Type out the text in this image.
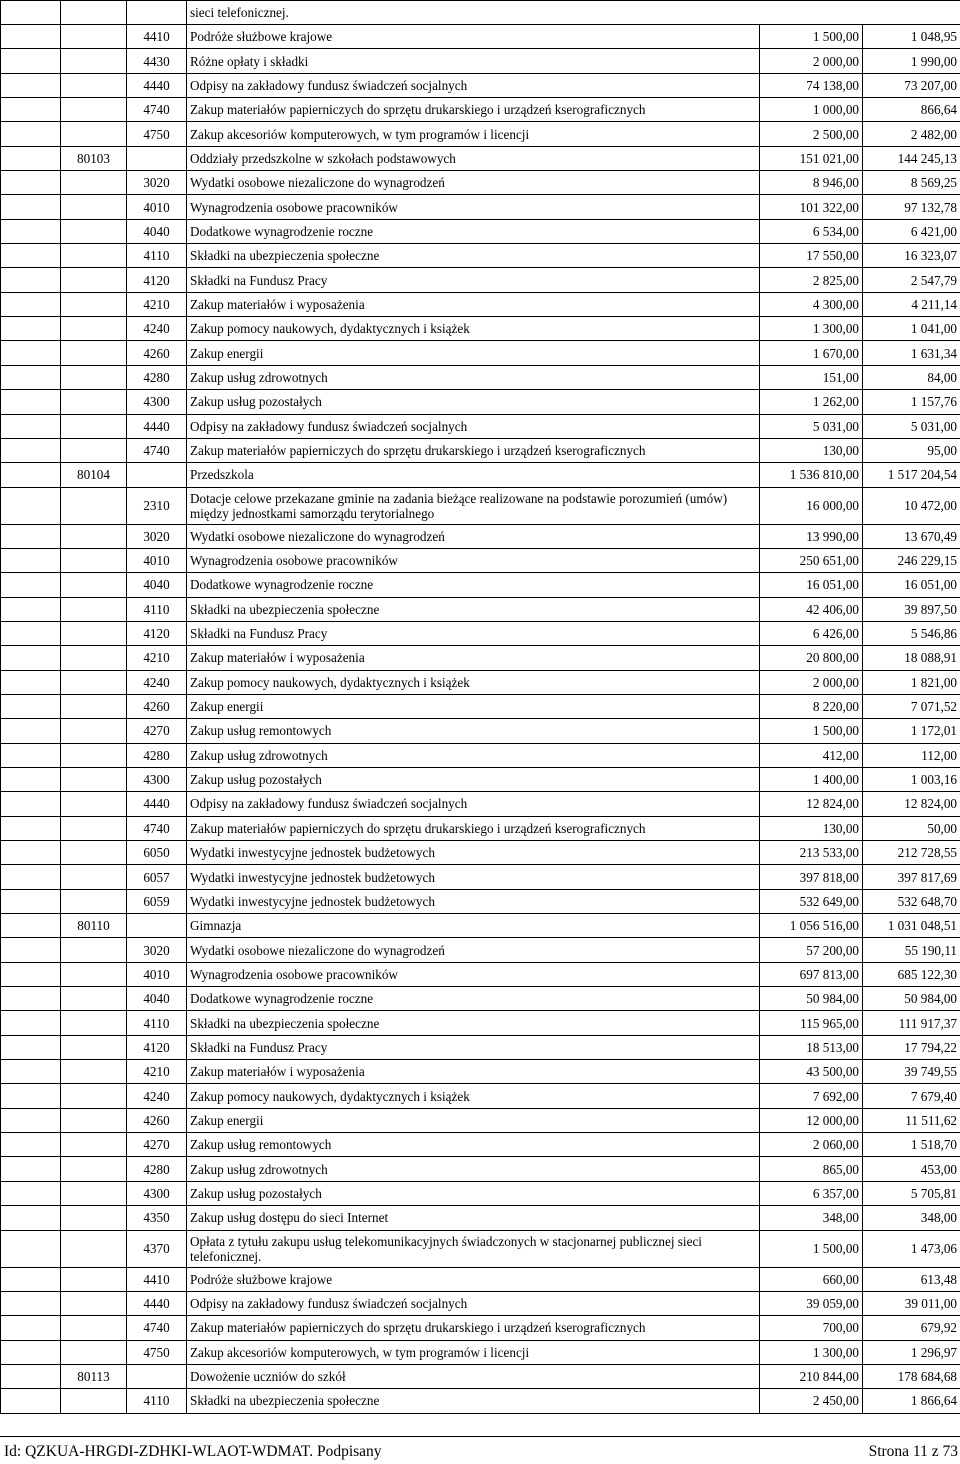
			sieci telefonicznej.		
		4410	Podróże służbowe krajowe	1 500,00	1 048,95
		4430	Różne opłaty i składki	2 000,00	1 990,00
		4440	Odpisy na zakładowy fundusz świadczeń socjalnych	74 138,00	73 207,00
		4740	Zakup materiałów papierniczych do sprzętu drukarskiego i urządzeń kserograficznych	1 000,00	866,64
		4750	Zakup akcesoriów komputerowych, w tym programów i licencji	2 500,00	2 482,00
	80103		Oddziały przedszkolne w szkołach podstawowych	151 021,00	144 245,13
		3020	Wydatki osobowe niezaliczone do wynagrodzeń	8 946,00	8 569,25
		4010	Wynagrodzenia osobowe pracowników	101 322,00	97 132,78
		4040	Dodatkowe wynagrodzenie roczne	6 534,00	6 421,00
		4110	Składki na ubezpieczenia społeczne	17 550,00	16 323,07
		4120	Składki na Fundusz Pracy	2 825,00	2 547,79
		4210	Zakup materiałów i wyposażenia	4 300,00	4 211,14
		4240	Zakup pomocy naukowych, dydaktycznych i książek	1 300,00	1 041,00
		4260	Zakup energii	1 670,00	1 631,34
		4280	Zakup usług zdrowotnych	151,00	84,00
		4300	Zakup usług pozostałych	1 262,00	1 157,76
		4440	Odpisy na zakładowy fundusz świadczeń socjalnych	5 031,00	5 031,00
		4740	Zakup materiałów papierniczych do sprzętu drukarskiego i urządzeń kserograficznych	130,00	95,00
	80104		Przedszkola	1 536 810,00	1 517 204,54
		2310	Dotacje celowe przekazane gminie na zadania bieżące realizowane na podstawie porozumień (umów) między jednostkami samorządu terytorialnego	16 000,00	10 472,00
		3020	Wydatki osobowe niezaliczone do wynagrodzeń	13 990,00	13 670,49
		4010	Wynagrodzenia osobowe pracowników	250 651,00	246 229,15
		4040	Dodatkowe wynagrodzenie roczne	16 051,00	16 051,00
		4110	Składki na ubezpieczenia społeczne	42 406,00	39 897,50
		4120	Składki na Fundusz Pracy	6 426,00	5 546,86
		4210	Zakup materiałów i wyposażenia	20 800,00	18 088,91
		4240	Zakup pomocy naukowych, dydaktycznych i książek	2 000,00	1 821,00
		4260	Zakup energii	8 220,00	7 071,52
		4270	Zakup usług remontowych	1 500,00	1 172,01
		4280	Zakup usług zdrowotnych	412,00	112,00
		4300	Zakup usług pozostałych	1 400,00	1 003,16
		4440	Odpisy na zakładowy fundusz świadczeń socjalnych	12 824,00	12 824,00
		4740	Zakup materiałów papierniczych do sprzętu drukarskiego i urządzeń kserograficznych	130,00	50,00
		6050	Wydatki inwestycyjne jednostek budżetowych	213 533,00	212 728,55
		6057	Wydatki inwestycyjne jednostek budżetowych	397 818,00	397 817,69
		6059	Wydatki inwestycyjne jednostek budżetowych	532 649,00	532 648,70
	80110		Gimnazja	1 056 516,00	1 031 048,51
		3020	Wydatki osobowe niezaliczone do wynagrodzeń	57 200,00	55 190,11
		4010	Wynagrodzenia osobowe pracowników	697 813,00	685 122,30
		4040	Dodatkowe wynagrodzenie roczne	50 984,00	50 984,00
		4110	Składki na ubezpieczenia społeczne	115 965,00	111 917,37
		4120	Składki na Fundusz Pracy	18 513,00	17 794,22
		4210	Zakup materiałów i wyposażenia	43 500,00	39 749,55
		4240	Zakup pomocy naukowych, dydaktycznych i książek	7 692,00	7 679,40
		4260	Zakup energii	12 000,00	11 511,62
		4270	Zakup usług remontowych	2 060,00	1 518,70
		4280	Zakup usług zdrowotnych	865,00	453,00
		4300	Zakup usług pozostałych	6 357,00	5 705,81
		4350	Zakup usług dostępu do sieci Internet	348,00	348,00
		4370	Opłata z tytułu zakupu usług telekomunikacyjnych świadczonych w stacjonarnej publicznej sieci telefonicznej.	1 500,00	1 473,06
		4410	Podróże służbowe krajowe	660,00	613,48
		4440	Odpisy na zakładowy fundusz świadczeń socjalnych	39 059,00	39 011,00
		4740	Zakup materiałów papierniczych do sprzętu drukarskiego i urządzeń kserograficznych	700,00	679,92
		4750	Zakup akcesoriów komputerowych, w tym programów i licencji	1 300,00	1 296,97
	80113		Dowożenie uczniów do szkół	210 844,00	178 684,68
		4110	Składki na ubezpieczenia społeczne	2 450,00	1 866,64
Id: QZKUA-HRGDI-ZDHKI-WLAOT-WDMAT. Podpisany	Strona 11 z 73
